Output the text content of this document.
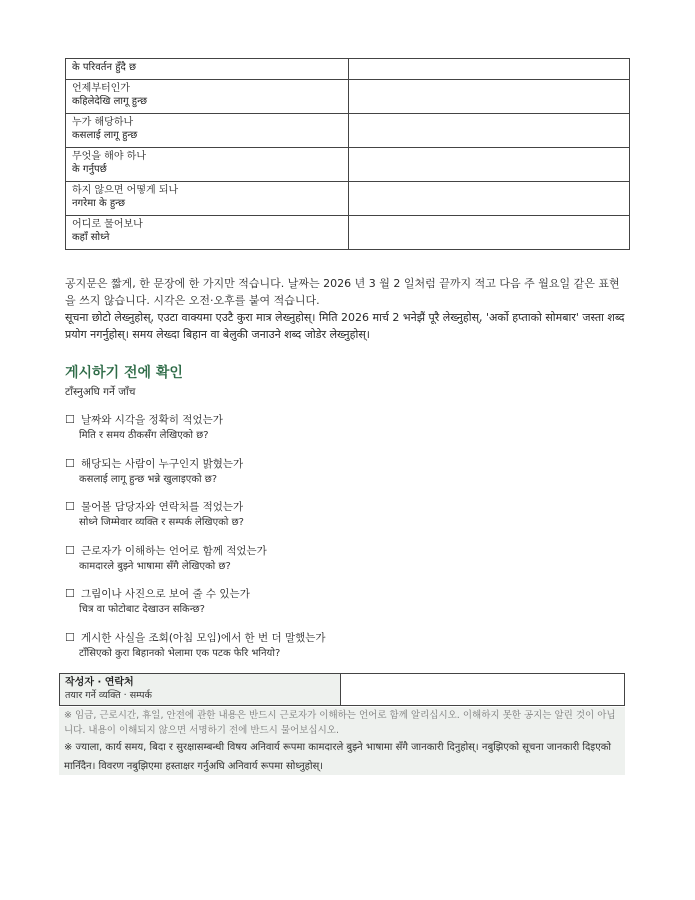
के परिवर्तन हुँदै छ	

언제부터인가
कहिलेदेखि लागू हुन्छ	

누가 해당하나
कसलाई लागू हुन्छ	

무엇을 해야 하나
के गर्नुपर्छ	

하지 않으면 어떻게 되나
नगरेमा के हुन्छ	

어디로 물어보나
कहाँ सोध्ने	

공지문은 짧게, 한 문장에 한 가지만 적습니다. 날짜는 2026 년 3 월 2 일처럼 끝까지 적고 다음 주 월요일 같은 표현을 쓰지 않습니다. 시각은 오전·오후를 붙여 적습니다.

सूचना छोटो लेख्नुहोस्, एउटा वाक्यमा एउटै कुरा मात्र लेख्नुहोस्। मिति 2026 मार्च 2 भनेझैं पूरै लेख्नुहोस्, 'अर्को हप्ताको सोमबार' जस्ता शब्द प्रयोग नगर्नुहोस्। समय लेख्दा बिहान वा बेलुकी जनाउने शब्द जोडेर लेख्नुहोस्।

게시하기 전에 확인

टाँस्नुअघि गर्ने जाँच

☐ 날짜와 시각을 정확히 적었는가
मिति र समय ठीकसँग लेखिएको छ?
☐ 해당되는 사람이 누구인지 밝혔는가
कसलाई लागू हुन्छ भन्ने खुलाइएको छ?
☐ 물어볼 담당자와 연락처를 적었는가
सोध्ने जिम्मेवार व्यक्ति र सम्पर्क लेखिएको छ?
☐ 근로자가 이해하는 언어로 함께 적었는가
कामदारले बुझ्ने भाषामा सँगै लेखिएको छ?
☐ 그림이나 사진으로 보여 줄 수 있는가
चित्र वा फोटोबाट देखाउन सकिन्छ?
☐ 게시한 사실을 조회(아침 모임)에서 한 번 더 말했는가
टाँसिएको कुरा बिहानको भेलामा एक पटक फेरि भनियो?
작성자 · 연락처
तयार गर्ने व्यक्ति · सम्पर्क

※ 임금, 근로시간, 휴일, 안전에 관한 내용은 반드시 근로자가 이해하는 언어로 함께 알리십시오. 이해하지 못한 공지는 알린 것이 아닙니다. 내용이 이해되지 않으면 서명하기 전에 반드시 물어보십시오.

※ ज्याला, कार्य समय, बिदा र सुरक्षासम्बन्धी विषय अनिवार्य रूपमा कामदारले बुझ्ने भाषामा सँगै जानकारी दिनुहोस्। नबुझिएको सूचना जानकारी दिइएको मानिँदैन। विवरण नबुझिएमा हस्ताक्षर गर्नुअघि अनिवार्य रूपमा सोध्नुहोस्।
